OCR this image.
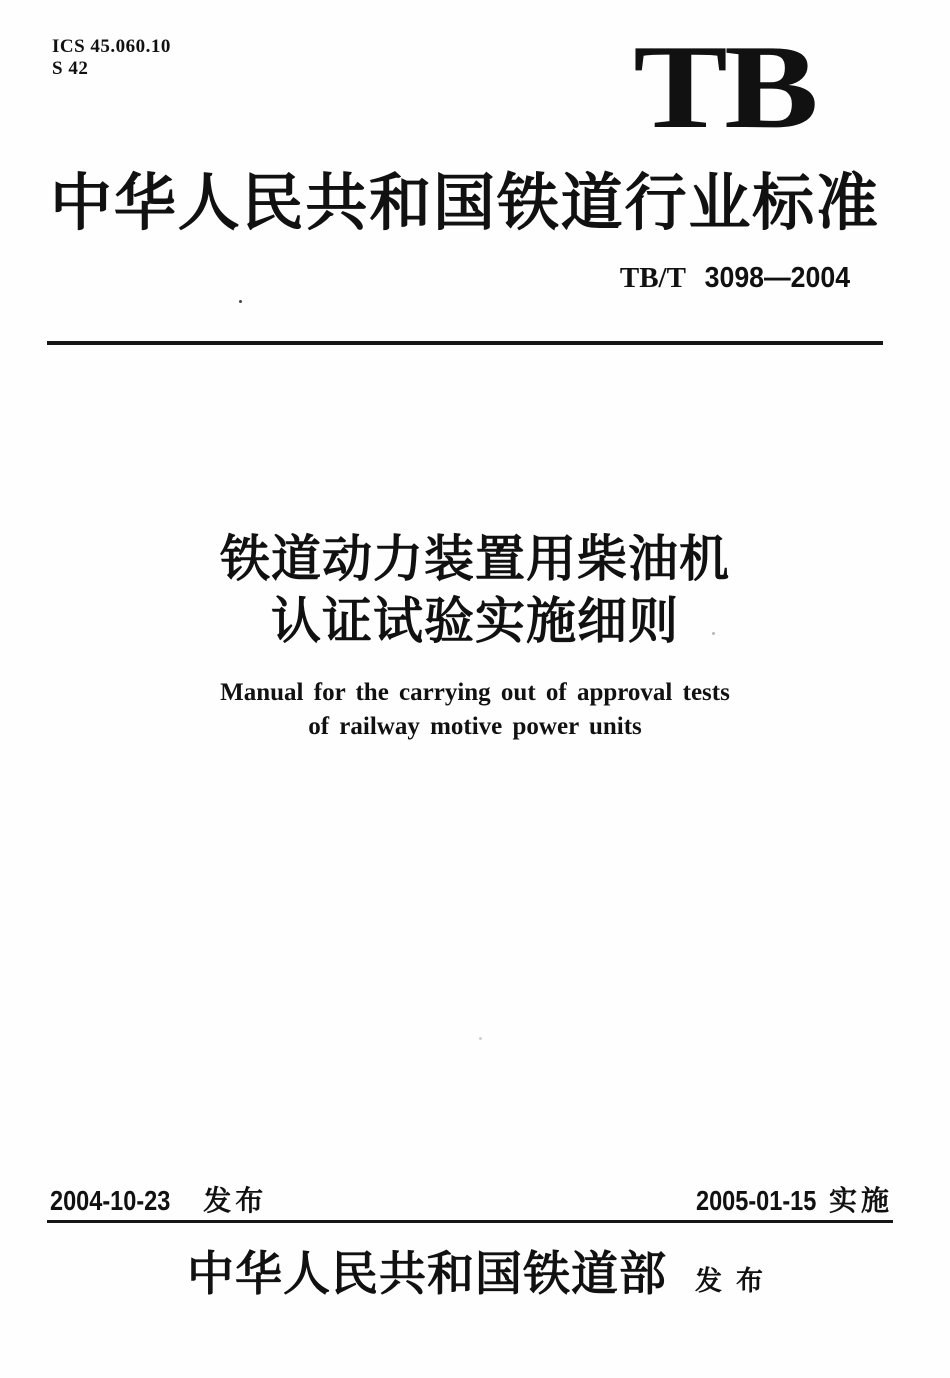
ICS 45.060.10
S 42	TB
中华人民共和国铁道行业标准
TB/T 3098—2004
铁道动力装置用柴油机
认证试验实施细则
Manual for the carrying out of approval tests
of railway motive power units
2004-10-23 发布	2005-01-15 实施
中华人民共和国铁道部 发布
